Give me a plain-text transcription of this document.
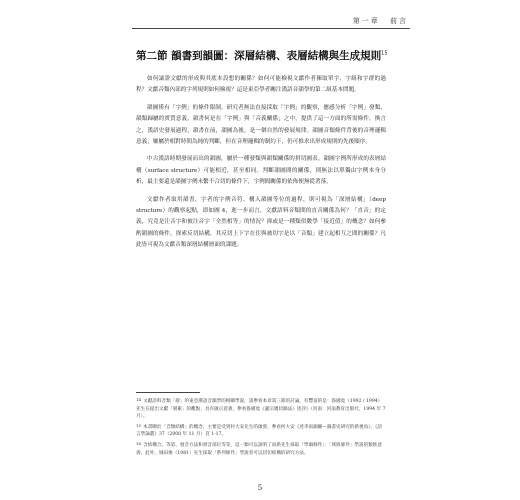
第一章 前言
第二節 韻書到韻圖：深層結構、表層結構與生成規則$^{15}$

如何論證文獻的形成與其底本設想的關係？如何可能檢視文獻作者揀取單字、字組和字群的過程？文獻音類內部的字列規則如何檢視？這是東亞學者關注漢語音韻學的第二組基本問題。

韻圖僅有「字例」的條件限制，研究者無法直接採取「字例」的觀察，應感分析「字例」發類、韻類歸屬的實質意義。韻書何是在「字例」與「音義關係」之中，提供了這一方面的所需條件，換言之，漢語史發展過程，韻書在前，韻圖為後，是一個自然的發展規律。韻圖音類條件背後的音理邏輯意義，嫌屬於相對時間為純的判斷，但在音理邏輯的制約下，仍可推求出形成規則的先後順序。

中古漢語時期發展而出的韻圖，屬於一種發類與韻類關係的拼切圖表。韻圖字例所形成的表層結構（surface structure）可能相近，甚至相同。判斷韻圖間的關係，則無法以單獨由字例本身分析，最主要還是韻圖字例未繫不合切的條件下，字例間關係的依佈便無從著落。

文獻作者取用韻書，字者的字例音符，構入韻圖等位的過程，則可視為「深層結構」（deep structure）的觀察起點，即如圖 4，進一步而言，文獻語料音類間的直音關係為何？「直音」的定義，究竟是注音字和被注音字「全然相等」的情況？抑或是一種類似數學「接近值」的概念？如何參酌韻圖的條件，探索反切結構，其反切上下字在住與被切字是以「音類」建立起相互之間的關係？凡此皆可視為文獻音類深層結構層面的課題。

14 文獻語料音類「層」的東亞漢語音韻學的相關學說，請參看本章第三節的討論，有豐富的是：魯國堯（1992 / 1994）先生在提出文獻「層累」的觀點，具有啟示意義，參看魯國堯《盧宗邁切韻法》述評》（河南：河南教育出版社，1994 年 7 月）。
15 本書關於「音類結構」的概念，主要是受到村大安先生的啟發，參看何大安《述李南韻圖—韻書史研究的新視角》，《語言學論叢》37（2008 年 11 月）頁 1-17。
16 含結構合、等第、發音方法和發音部位等等，這一類可以說明了而新先生採取「學韻條件」：「域與條件」學說的類推意義，此外，城田俊（1981）先生採取「系列條件」學說者可以切切結構的研究方法。
5
